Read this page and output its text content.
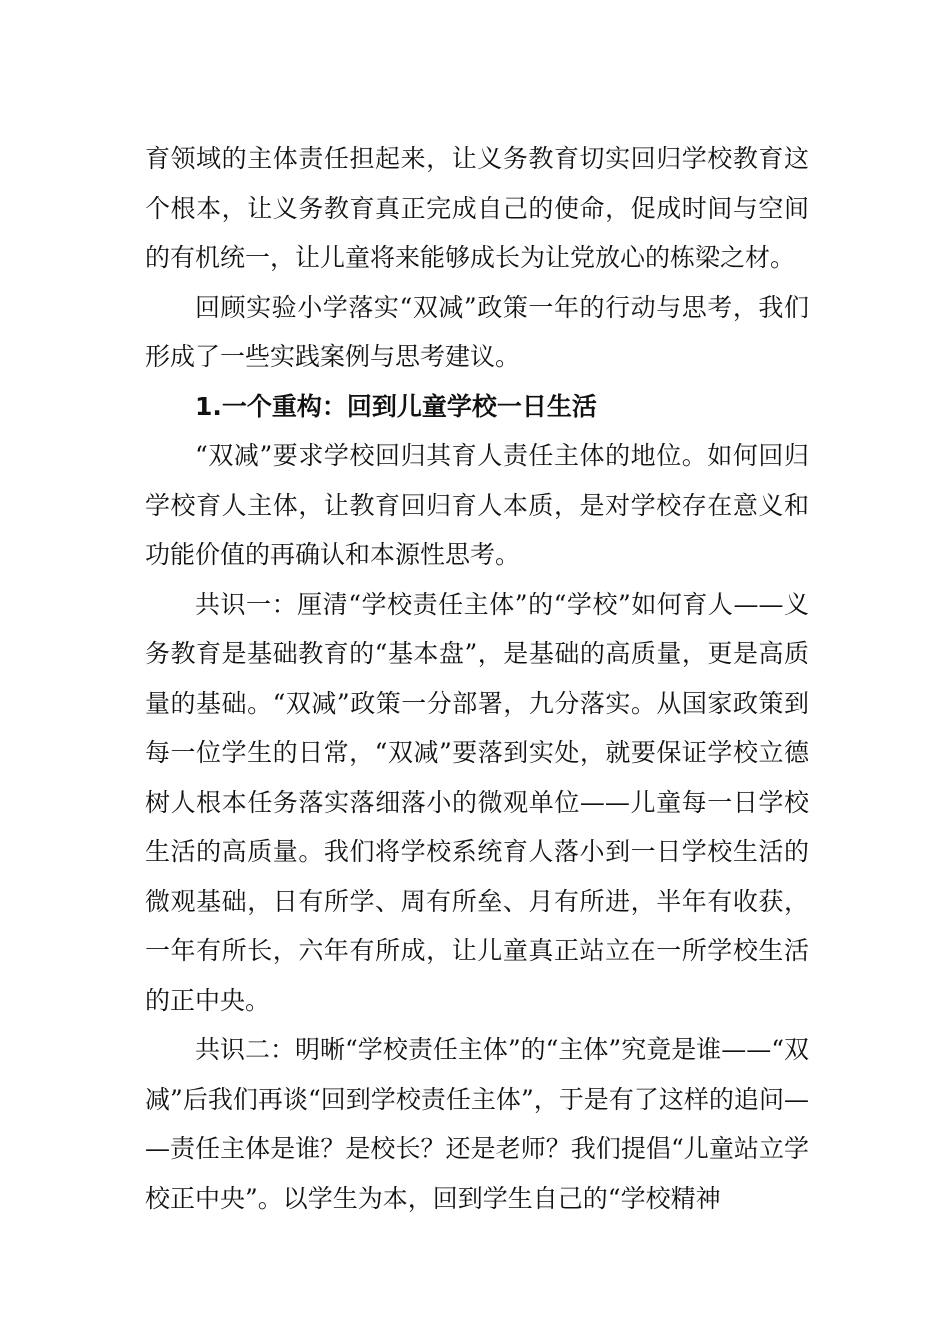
育领域的主体责任担起来，让义务教育切实回归学校教育这个根本，让义务教育真正完成自己的使命，促成时间与空间的有机统一，让儿童将来能够成长为让党放心的栋梁之材。

回顾实验小学落实“双减”政策一年的行动与思考，我们形成了一些实践案例与思考建议。

1.一个重构：回到儿童学校一日生活

“双减”要求学校回归其育人责任主体的地位。如何回归学校育人主体，让教育回归育人本质，是对学校存在意义和功能价值的再确认和本源性思考。

共识一：厘清“学校责任主体”的“学校”如何育人——义务教育是基础教育的“基本盘”，是基础的高质量，更是高质量的基础。“双减”政策一分部署，九分落实。从国家政策到每一位学生的日常，“双减”要落到实处，就要保证学校立德树人根本任务落实落细落小的微观单位——儿童每一日学校生活的高质量。我们将学校系统育人落小到一日学校生活的微观基础，日有所学、周有所垒、月有所进，半年有收获，一年有所长，六年有所成，让儿童真正站立在一所学校生活的正中央。

共识二：明晰“学校责任主体”的“主体”究竟是谁——“双减”后我们再谈“回到学校责任主体”，于是有了这样的追问——责任主体是谁？是校长？还是老师？我们提倡“儿童站立学校正中央”。以学生为本，回到学生自己的“学校精神
